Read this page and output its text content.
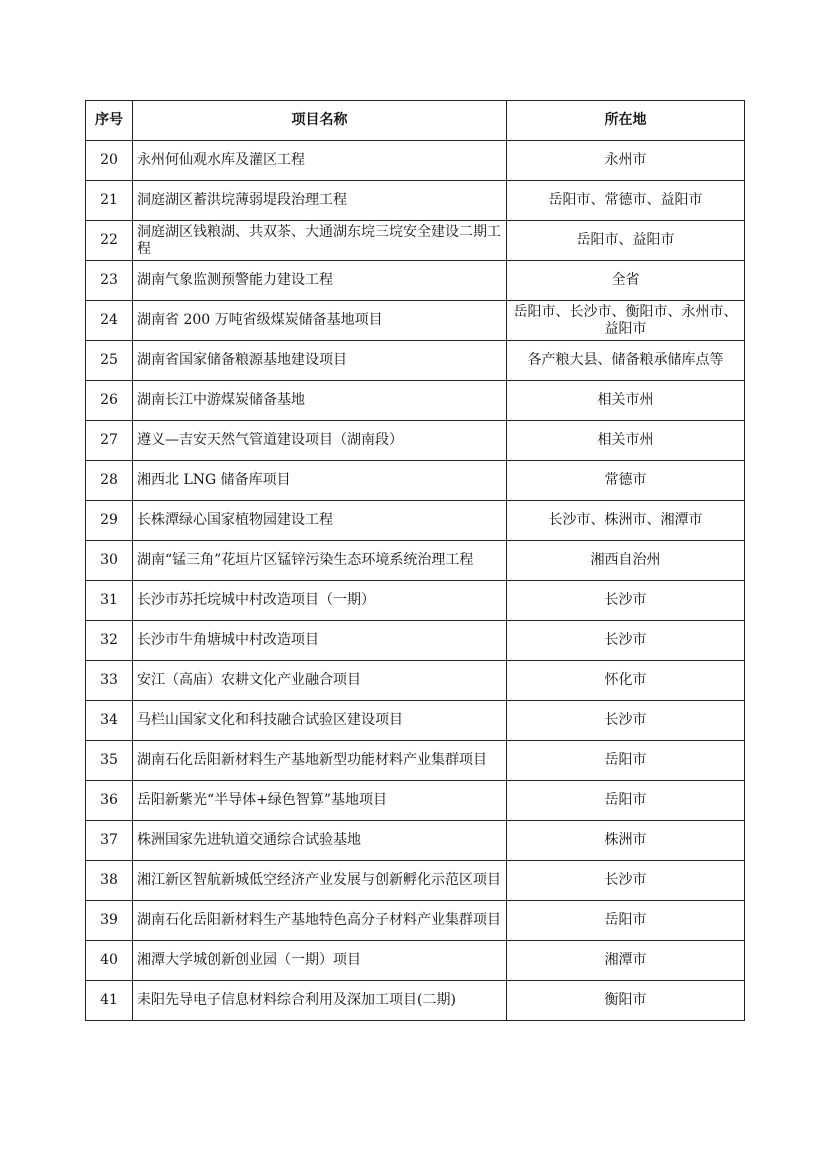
序号	项目名称	所在地
20	永州何仙观水库及灌区工程	永州市
21	洞庭湖区蓄洪垸薄弱堤段治理工程	岳阳市、常德市、益阳市
22	洞庭湖区钱粮湖、共双茶、大通湖东垸三垸安全建设二期工程	岳阳市、益阳市
23	湖南气象监测预警能力建设工程	全省
24	湖南省 200 万吨省级煤炭储备基地项目	岳阳市、长沙市、衡阳市、永州市、益阳市
25	湖南省国家储备粮源基地建设项目	各产粮大县、储备粮承储库点等
26	湖南长江中游煤炭储备基地	相关市州
27	遵义—吉安天然气管道建设项目（湖南段）	相关市州
28	湘西北 LNG 储备库项目	常德市
29	长株潭绿心国家植物园建设工程	长沙市、株洲市、湘潭市
30	湖南“锰三角”花垣片区锰锌污染生态环境系统治理工程	湘西自治州
31	长沙市苏托垸城中村改造项目（一期）	长沙市
32	长沙市牛角塘城中村改造项目	长沙市
33	安江（高庙）农耕文化产业融合项目	怀化市
34	马栏山国家文化和科技融合试验区建设项目	长沙市
35	湖南石化岳阳新材料生产基地新型功能材料产业集群项目	岳阳市
36	岳阳新紫光“半导体+绿色智算”基地项目	岳阳市
37	株洲国家先进轨道交通综合试验基地	株洲市
38	湘江新区智航新城低空经济产业发展与创新孵化示范区项目	长沙市
39	湖南石化岳阳新材料生产基地特色高分子材料产业集群项目	岳阳市
40	湘潭大学城创新创业园（一期）项目	湘潭市
41	耒阳先导电子信息材料综合利用及深加工项目(二期)	衡阳市
